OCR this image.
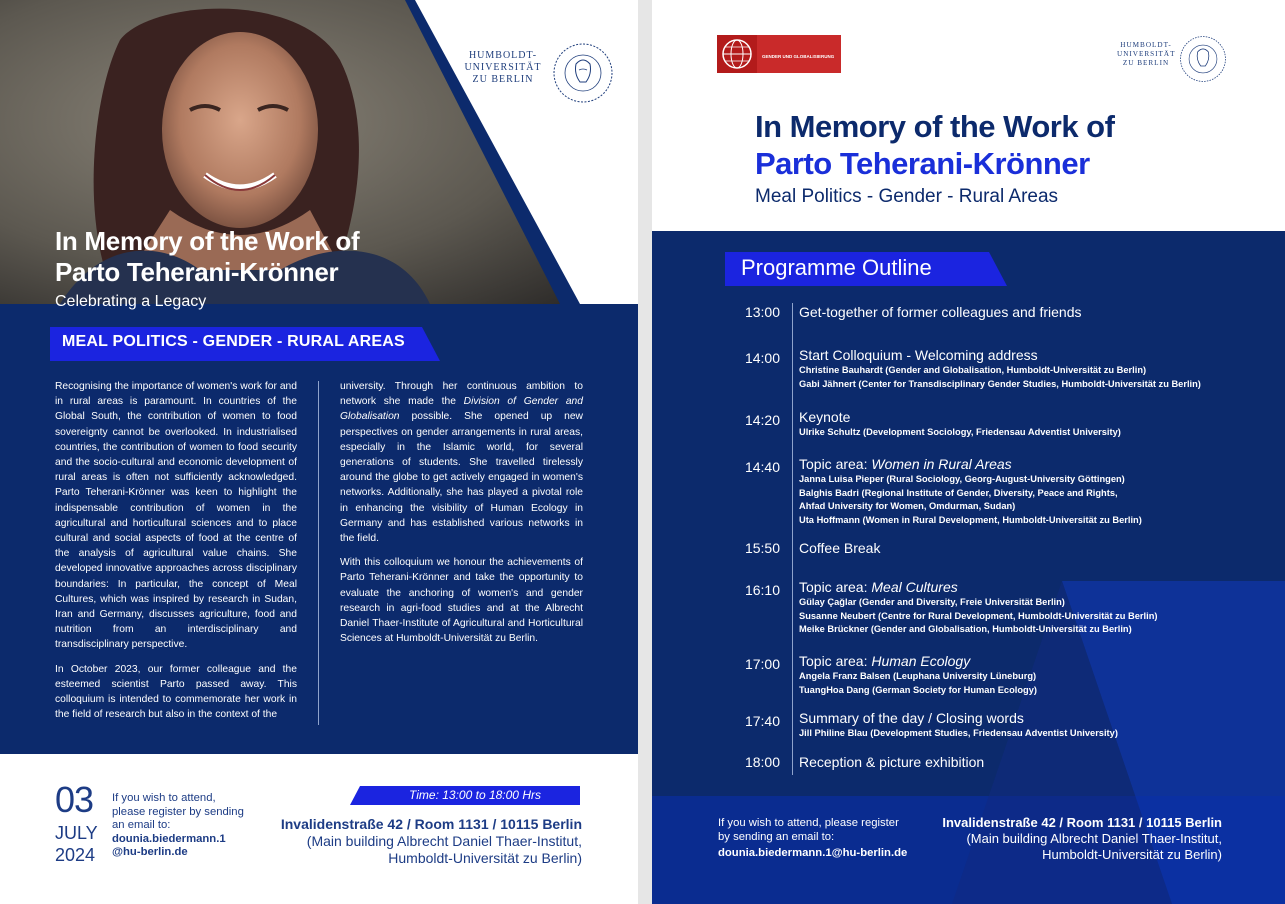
HUMBOLDT-
UNIVERSITÄT
ZU BERLIN
In Memory of the Work of
Parto Teherani-Krönner
Celebrating a Legacy
MEAL POLITICS - GENDER - RURAL AREAS

Recognising the importance of women's work for and in rural areas is paramount. In countries of the Global South, the contribution of women to food sovereignty cannot be overlooked. In industrialised countries, the contribution of women to food security and the socio-cultural and economic development of rural areas is often not sufficiently acknowledged. Parto Teherani-Krönner was keen to highlight the indispensable contribution of women in the agricultural and horticultural sciences and to place cultural and social aspects of food at the centre of the analysis of agricultural value chains. She developed innovative approaches across disciplinary boundaries: In particular, the concept of Meal Cultures, which was inspired by research in Sudan, Iran and Germany, discusses agriculture, food and nutrition from an interdisciplinary and transdisciplinary perspective.

In October 2023, our former colleague and the esteemed scientist Parto passed away. This colloquium is intended to commemorate her work in the field of research but also in the context of the

university. Through her continuous ambition to network she made the Division of Gender and Globalisation possible. She opened up new perspectives on gender arrangements in rural areas, especially in the Islamic world, for several generations of students. She travelled tirelessly around the globe to get actively engaged in women's networks. Additionally, she has played a pivotal role in enhancing the visibility of Human Ecology in Germany and has established various networks in the field.

With this colloquium we honour the achievements of Parto Teherani-Krönner and take the opportunity to evaluate the anchoring of women's and gender research in agri-food studies and at the Albrecht Daniel Thaer-Institute of Agricultural and Horticultural Sciences at Humboldt-Universität zu Berlin.

03
JULY
2024
If you wish to attend, please register by sending an email to:
dounia.biedermann.1
@hu-berlin.de
Time: 13:00 to 18:00 Hrs
Invalidenstraße 42 / Room 1131 / 10115 Berlin
(Main building Albrecht Daniel Thaer-Institut,
Humboldt-Universität zu Berlin)
GENDER UND GLOBALISIERUNG
HUMBOLDT-
UNIVERSITÄT
ZU BERLIN
In Memory of the Work of
Parto Teherani-Krönner
Meal Politics - Gender - Rural Areas
Programme Outline
13:00 Get-together of former colleagues and friends
14:00 Start Colloquium - Welcoming address
Christine Bauhardt (Gender and Globalisation, Humboldt-Universität zu Berlin)
Gabi Jähnert (Center for Transdisciplinary Gender Studies, Humboldt-Universität zu Berlin)
14:20 Keynote
Ulrike Schultz (Development Sociology, Friedensau Adventist University)
14:40 Topic area: Women in Rural Areas
Janna Luisa Pieper (Rural Sociology, Georg-August-University Göttingen)
Balghis Badri (Regional Institute of Gender, Diversity, Peace and Rights,
Ahfad University for Women, Omdurman, Sudan)
Uta Hoffmann (Women in Rural Development, Humboldt-Universität zu Berlin)
15:50 Coffee Break
16:10 Topic area: Meal Cultures
Gülay Çağlar (Gender and Diversity, Freie Universität Berlin)
Susanne Neubert (Centre for Rural Development, Humboldt-Universität zu Berlin)
Meike Brückner (Gender and Globalisation, Humboldt-Universität zu Berlin)
17:00 Topic area: Human Ecology
Angela Franz Balsen (Leuphana University Lüneburg)
TuangHoa Dang (German Society for Human Ecology)
17:40 Summary of the day / Closing words
Jill Philine Blau (Development Studies, Friedensau Adventist University)
18:00 Reception & picture exhibition
If you wish to attend, please register
by sending an email to:
dounia.biedermann.1@hu-berlin.de
Invalidenstraße 42 / Room 1131 / 10115 Berlin
(Main building Albrecht Daniel Thaer-Institut,
Humboldt-Universität zu Berlin)
